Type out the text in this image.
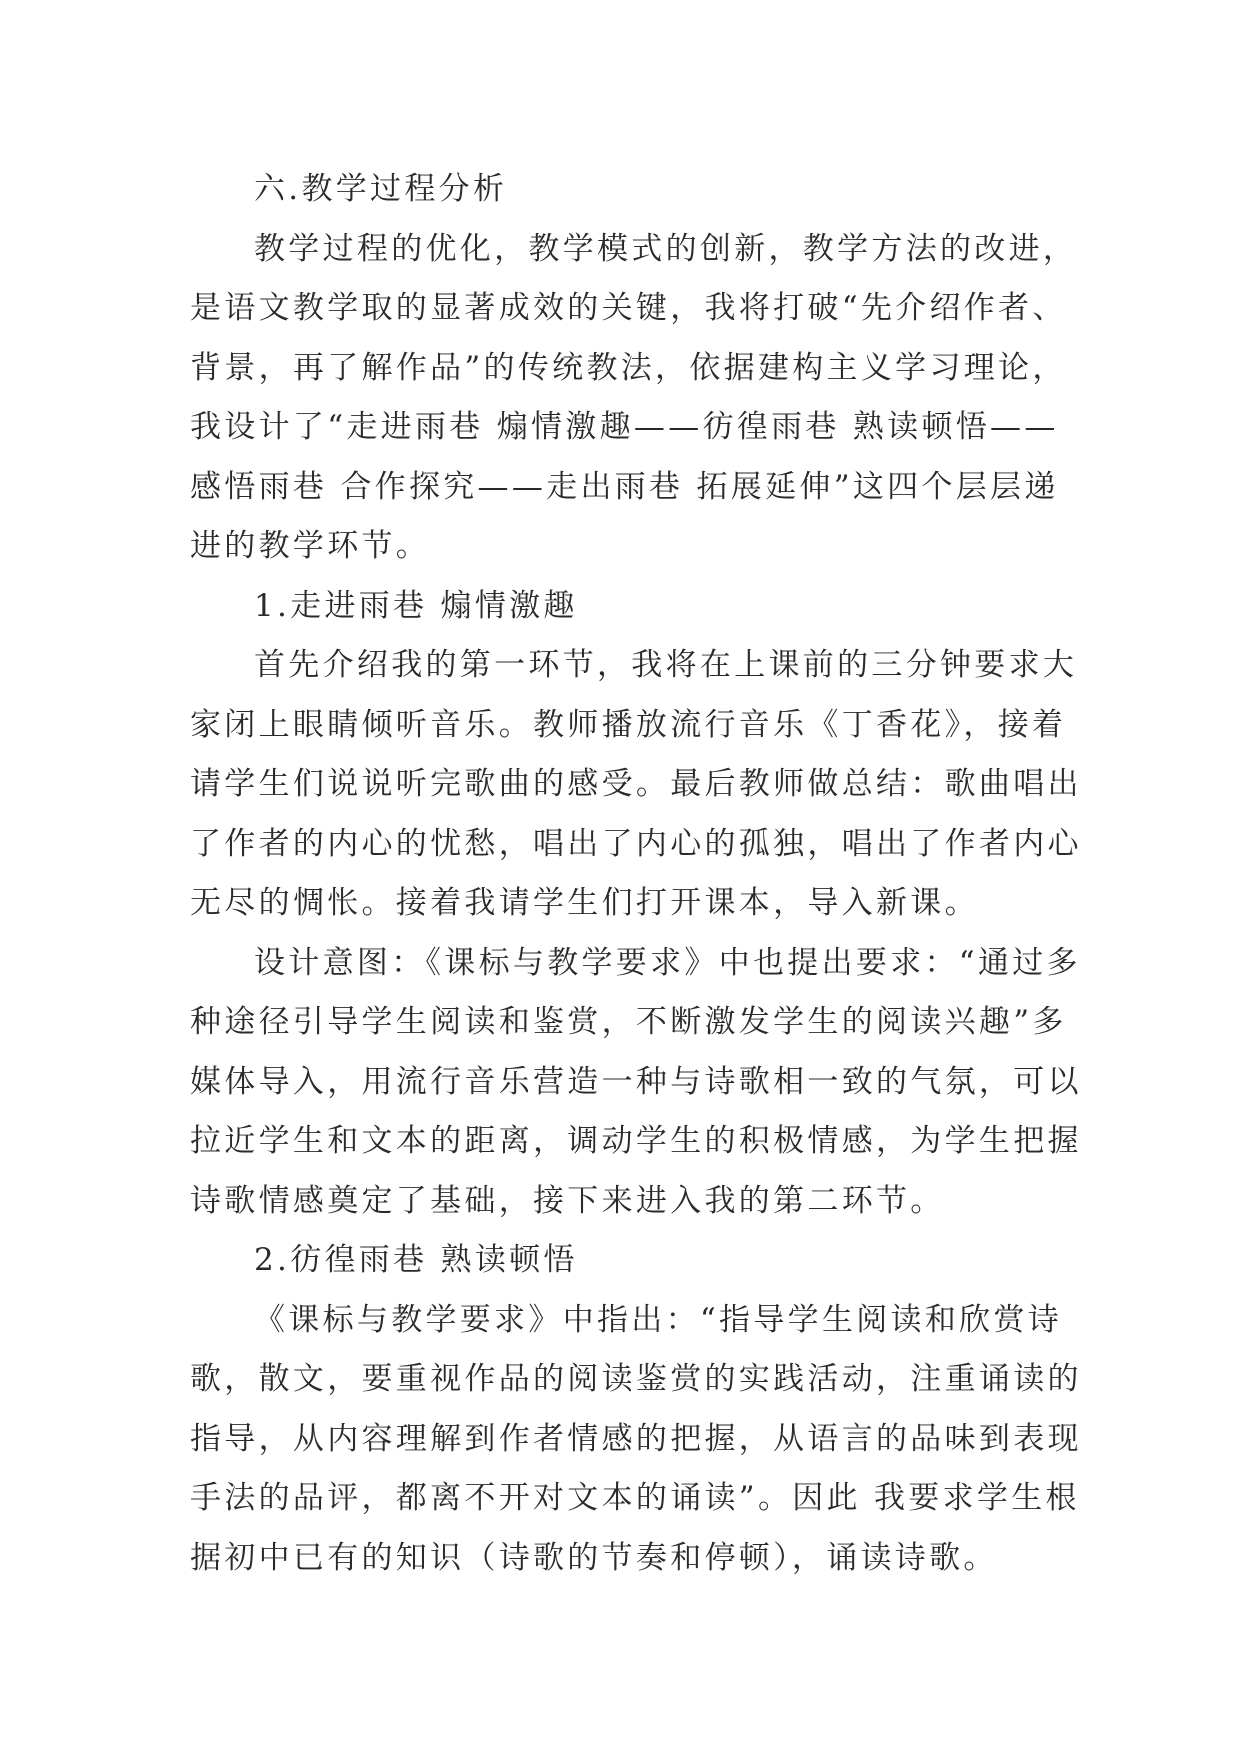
六.教学过程分析
教学过程的优化，教学模式的创新，教学方法的改进，
是语文教学取的显著成效的关键，我将打破“先介绍作者、
背景，再了解作品”的传统教法，依据建构主义学习理论，
我设计了“走进雨巷 煽情激趣——彷徨雨巷 熟读顿悟——
感悟雨巷 合作探究——走出雨巷 拓展延伸”这四个层层递
进的教学环节。
1.走进雨巷 煽情激趣
首先介绍我的第一环节，我将在上课前的三分钟要求大
家闭上眼睛倾听音乐。教师播放流行音乐《丁香花》，接着
请学生们说说听完歌曲的感受。最后教师做总结：歌曲唱出
了作者的内心的忧愁，唱出了内心的孤独，唱出了作者内心
无尽的惆怅。接着我请学生们打开课本，导入新课。
设计意图：《课标与教学要求》中也提出要求：“通过多
种途径引导学生阅读和鉴赏，不断激发学生的阅读兴趣”多
媒体导入，用流行音乐营造一种与诗歌相一致的气氛，可以
拉近学生和文本的距离，调动学生的积极情感，为学生把握
诗歌情感奠定了基础，接下来进入我的第二环节。
2.彷徨雨巷 熟读顿悟
《课标与教学要求》中指出：“指导学生阅读和欣赏诗
歌，散文，要重视作品的阅读鉴赏的实践活动，注重诵读的
指导，从内容理解到作者情感的把握，从语言的品味到表现
手法的品评，都离不开对文本的诵读”。因此 我要求学生根
据初中已有的知识（诗歌的节奏和停顿），诵读诗歌。
